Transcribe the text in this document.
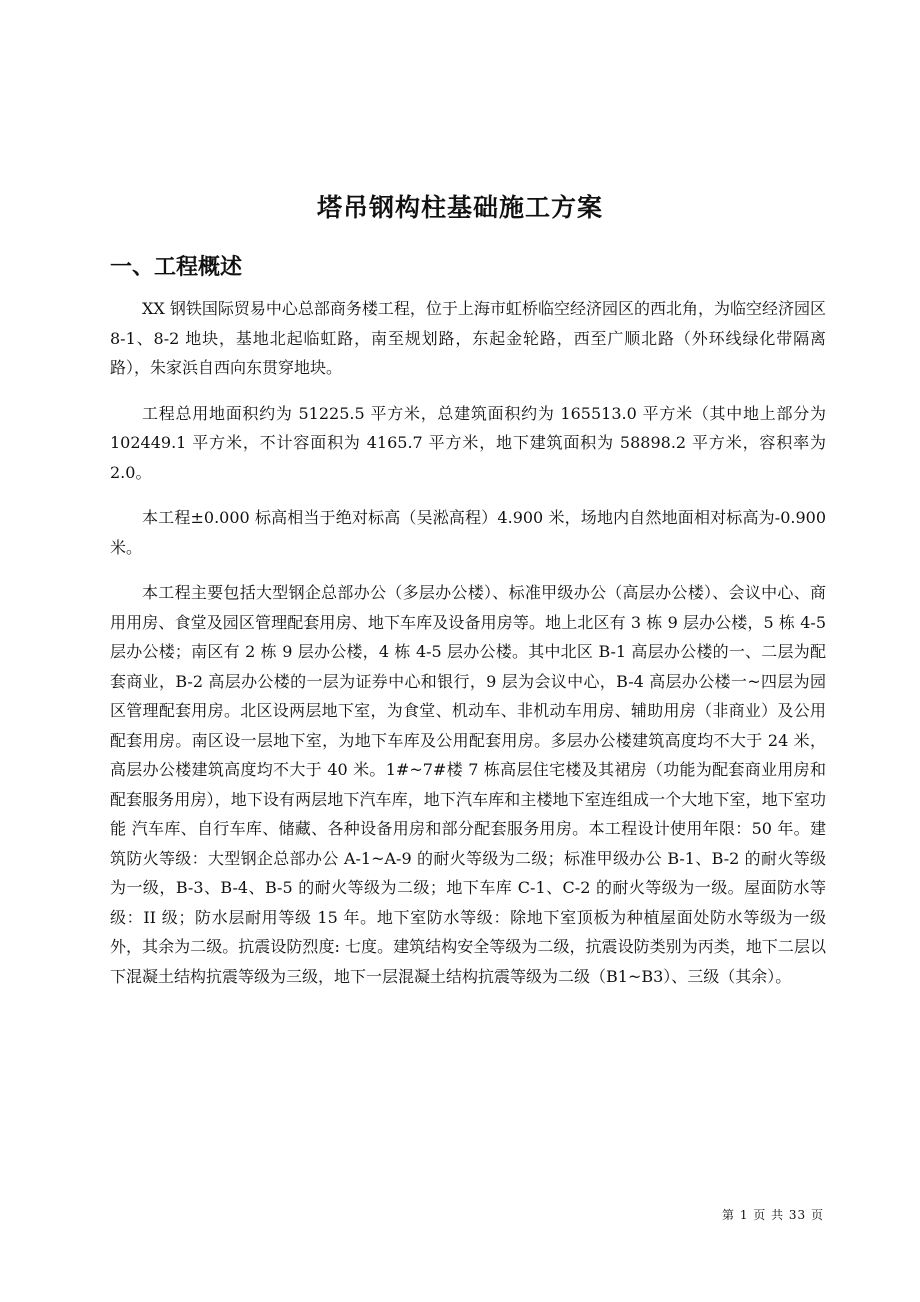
塔吊钢构柱基础施工方案
一、工程概述

XX 钢铁国际贸易中心总部商务楼工程，位于上海市虹桥临空经济园区的西北角，为临空经济园区 8-1、8-2 地块，基地北起临虹路，南至规划路，东起金轮路，西至广顺北路（外环线绿化带隔离路），朱家浜自西向东贯穿地块。

工程总用地面积约为 51225.5 平方米，总建筑面积约为 165513.0 平方米（其中地上部分为 102449.1 平方米，不计容面积为 4165.7 平方米，地下建筑面积为 58898.2 平方米，容积率为 2.0。

本工程±0.000 标高相当于绝对标高（吴淞高程）4.900 米，场地内自然地面相对标高为-0.900 米。

本工程主要包括大型钢企总部办公（多层办公楼）、标准甲级办公（高层办公楼）、会议中心、商用用房、食堂及园区管理配套用房、地下车库及设备用房等。地上北区有 3 栋 9 层办公楼，5 栋 4-5 层办公楼；南区有 2 栋 9 层办公楼，4 栋 4-5 层办公楼。其中北区 B-1 高层办公楼的一、二层为配套商业，B-2 高层办公楼的一层为证券中心和银行，9 层为会议中心，B-4 高层办公楼一~四层为园区管理配套用房。北区设两层地下室，为食堂、机动车、非机动车用房、辅助用房（非商业）及公用配套用房。南区设一层地下室，为地下车库及公用配套用房。多层办公楼建筑高度均不大于 24 米，高层办公楼建筑高度均不大于 40 米。1#~7#楼 7 栋高层住宅楼及其裙房（功能为配套商业用房和配套服务用房），地下设有两层地下汽车库，地下汽车库和主楼地下室连组成一个大地下室，地下室功能 汽车库、自行车库、储藏、各种设备用房和部分配套服务用房。本工程设计使用年限：50 年。建筑防火等级：大型钢企总部办公 A-1~A-9 的耐火等级为二级；标准甲级办公 B-1、B-2 的耐火等级为一级，B-3、B-4、B-5 的耐火等级为二级；地下车库 C-1、C-2 的耐火等级为一级。屋面防水等级：II 级；防水层耐用等级 15 年。地下室防水等级：除地下室顶板为种植屋面处防水等级为一级外，其余为二级。抗震设防烈度: 七度。建筑结构安全等级为二级，抗震设防类别为丙类，地下二层以下混凝土结构抗震等级为三级，地下一层混凝土结构抗震等级为二级（B1~B3）、三级（其余）。

第 1 页 共 33 页
